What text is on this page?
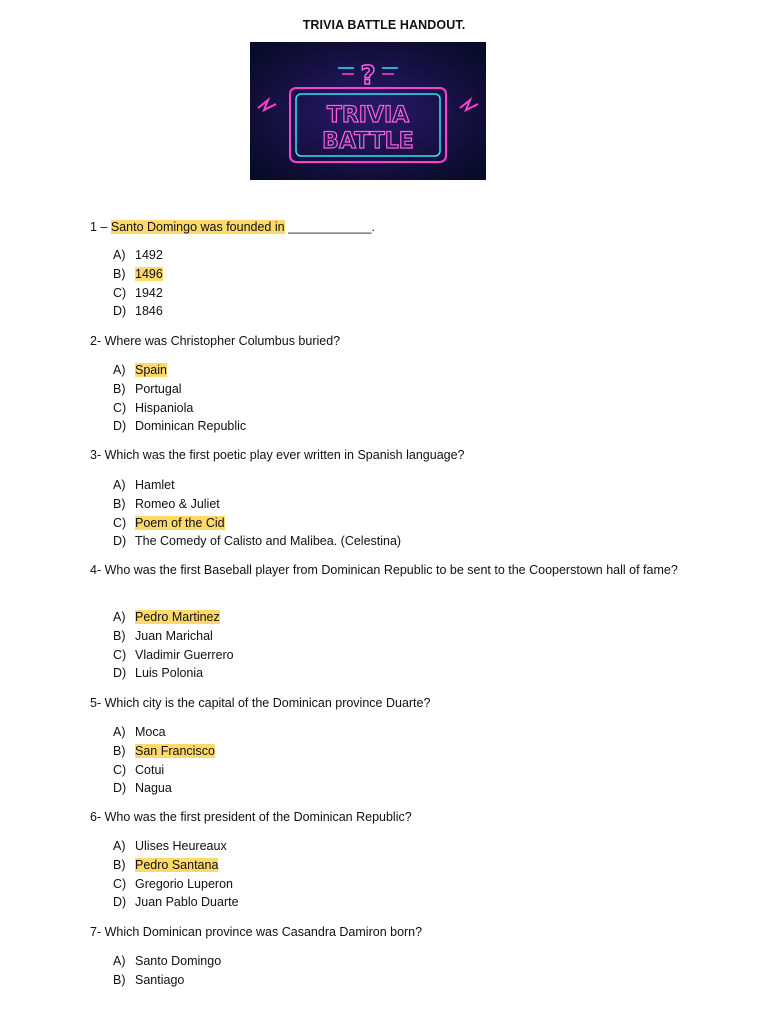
TRIVIA BATTLE HANDOUT.
?
TRIVIA
BATTLE
1 – Santo Domingo was founded in ____________.
A) 1492
B) 1496
C) 1942
D) 1846
2- Where was Christopher Columbus buried?
A) Spain
B) Portugal
C) Hispaniola
D) Dominican Republic
3- Which was the first poetic play ever written in Spanish language?
A) Hamlet
B) Romeo & Juliet
C) Poem of the Cid
D) The Comedy of Calisto and Malibea. (Celestina)
4- Who was the first Baseball player from Dominican Republic to be sent to the Cooperstown hall of fame?
A) Pedro Martinez
B) Juan Marichal
C) Vladimir Guerrero
D) Luis Polonia
5- Which city is the capital of the Dominican province Duarte?
A) Moca
B) San Francisco
C) Cotui
D) Nagua
6- Who was the first president of the Dominican Republic?
A) Ulises Heureaux
B) Pedro Santana
C) Gregorio Luperon
D) Juan Pablo Duarte
7- Which Dominican province was Casandra Damiron born?
A) Santo Domingo
B) Santiago
